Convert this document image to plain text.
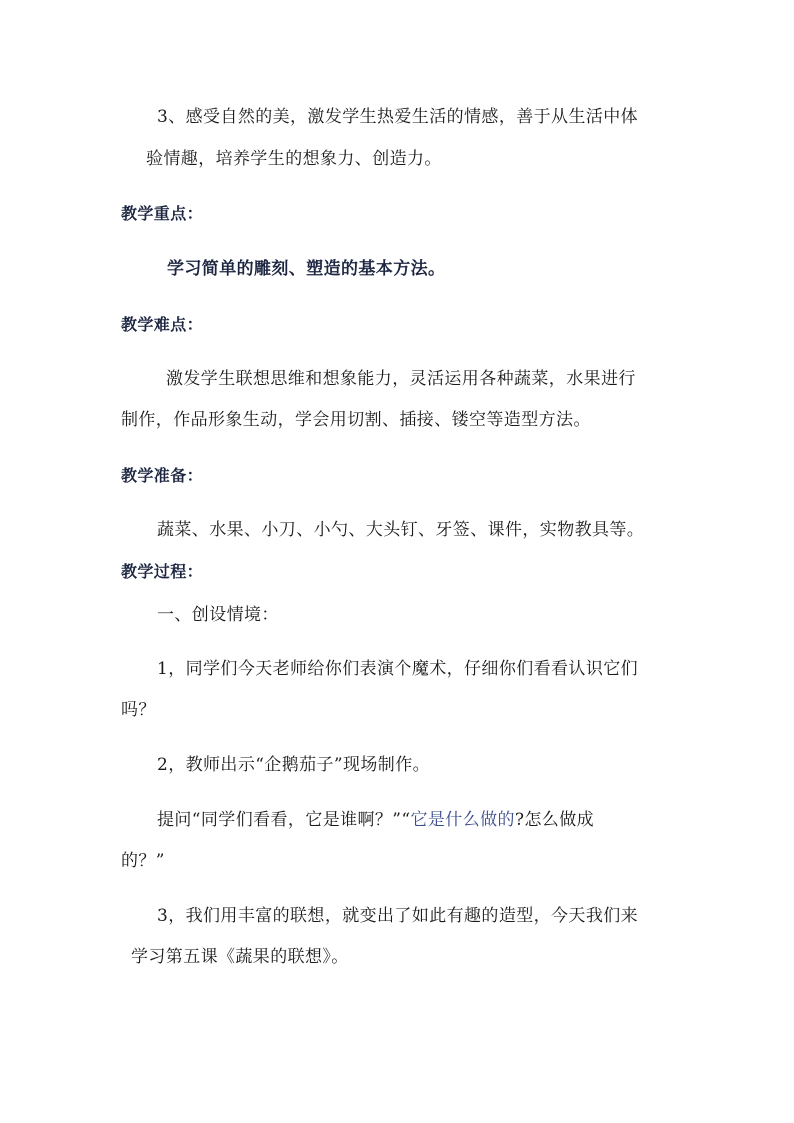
3、感受自然的美，激发学生热爱生活的情感，善于从生活中体
验情趣，培养学生的想象力、创造力。
教学重点：
学习简单的雕刻、塑造的基本方法。
教学难点：
激发学生联想思维和想象能力，灵活运用各种蔬菜，水果进行
制作，作品形象生动，学会用切割、插接、镂空等造型方法。
教学准备：
蔬菜、水果、小刀、小勺、大头钉、牙签、课件，实物教具等。
教学过程：
一、创设情境：
1，同学们今天老师给你们表演个魔术，仔细你们看看认识它们
吗？
2，教师出示“企鹅茄子”现场制作。
提问“同学们看看，它是谁啊？”“它是什么做的?怎么做成
的？”
3，我们用丰富的联想，就变出了如此有趣的造型，今天我们来
学习第五课《蔬果的联想》。
